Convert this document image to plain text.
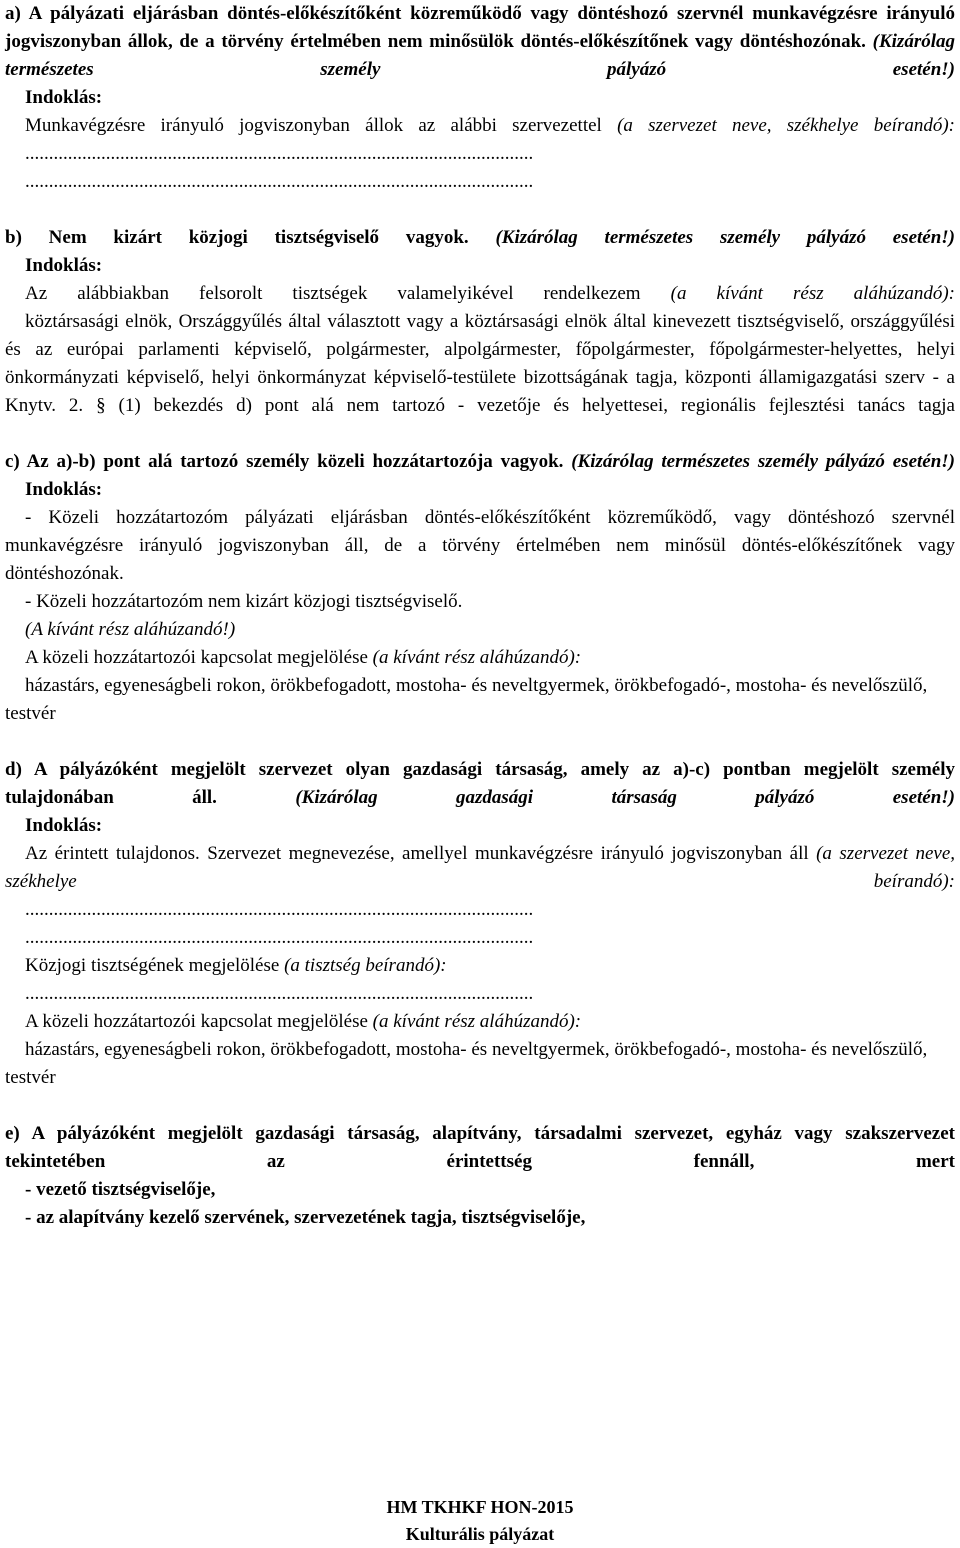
a) A pályázati eljárásban döntés-előkészítőként közreműködő vagy döntéshozó szervnél munkavégzésre irányuló jogviszonyban állok, de a törvény értelmében nem minősülök döntés-előkészítőnek vagy döntéshozónak. (Kizárólag természetes személy pályázó esetén!)

Indoklás:

Munkavégzésre irányuló jogviszonyban állok az alábbi szervezettel (a szervezet neve, székhelye beírandó):

...........................................................................................................

...........................................................................................................

b) Nem kizárt közjogi tisztségviselő vagyok. (Kizárólag természetes személy pályázó esetén!)

Indoklás:

Az alábbiakban felsorolt tisztségek valamelyikével rendelkezem (a kívánt rész aláhúzandó):

köztársasági elnök, Országgyűlés által választott vagy a köztársasági elnök által kinevezett tisztségviselő, országgyűlési és az európai parlamenti képviselő, polgármester, alpolgármester, főpolgármester, főpolgármester-helyettes, helyi önkormányzati képviselő, helyi önkormányzat képviselő-testülete bizottságának tagja, központi államigazgatási szerv - a Knytv. 2. § (1) bekezdés d) pont alá nem tartozó - vezetője és helyettesei, regionális fejlesztési tanács tagja

c) Az a)-b) pont alá tartozó személy közeli hozzátartozója vagyok. (Kizárólag természetes személy pályázó esetén!)

Indoklás:

- Közeli hozzátartozóm pályázati eljárásban döntés-előkészítőként közreműködő, vagy döntéshozó szervnél munkavégzésre irányuló jogviszonyban áll, de a törvény értelmében nem minősül döntés-előkészítőnek vagy döntéshozónak.

- Közeli hozzátartozóm nem kizárt közjogi tisztségviselő.

(A kívánt rész aláhúzandó!)

A közeli hozzátartozói kapcsolat megjelölése (a kívánt rész aláhúzandó):

házastárs, egyeneságbeli rokon, örökbefogadott, mostoha- és neveltgyermek, örökbefogadó-, mostoha- és nevelőszülő, testvér

d) A pályázóként megjelölt szervezet olyan gazdasági társaság, amely az a)-c) pontban megjelölt személy tulajdonában áll.	(Kizárólag gazdasági társaság pályázó esetén!)

Indoklás:

Az érintett tulajdonos. Szervezet megnevezése, amellyel munkavégzésre irányuló jogviszonyban áll (a szervezet neve, székhelye beírandó):

...........................................................................................................

...........................................................................................................

Közjogi tisztségének megjelölése (a tisztség beírandó):

...........................................................................................................

A közeli hozzátartozói kapcsolat megjelölése (a kívánt rész aláhúzandó):

házastárs, egyeneságbeli rokon, örökbefogadott, mostoha- és neveltgyermek, örökbefogadó-, mostoha- és nevelőszülő, testvér

e) A pályázóként megjelölt gazdasági társaság, alapítvány, társadalmi szervezet, egyház vagy szakszervezet tekintetében az érintettség fennáll, mert

- vezető tisztségviselője,

- az alapítvány kezelő szervének, szervezetének tagja, tisztségviselője,

HM TKHKF HON-2015
Kulturális pályázat
